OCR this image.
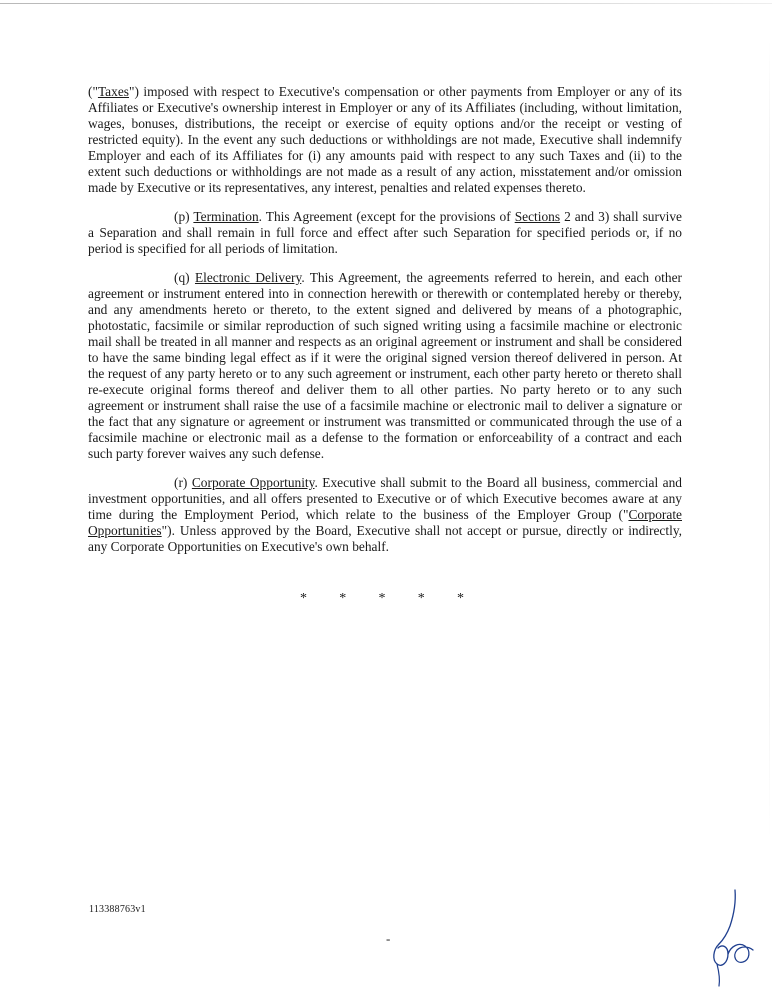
("Taxes") imposed with respect to Executive's compensation or other payments from Employer or any of its Affiliates or Executive's ownership interest in Employer or any of its Affiliates (including, without limitation, wages, bonuses, distributions, the receipt or exercise of equity options and/or the receipt or vesting of restricted equity). In the event any such deductions or withholdings are not made, Executive shall indemnify Employer and each of its Affiliates for (i) any amounts paid with respect to any such Taxes and (ii) to the extent such deductions or withholdings are not made as a result of any action, misstatement and/or omission made by Executive or its representatives, any interest, penalties and related expenses thereto.

(p) Termination. This Agreement (except for the provisions of Sections 2 and 3) shall survive a Separation and shall remain in full force and effect after such Separation for specified periods or, if no period is specified for all periods of limitation.

(q) Electronic Delivery. This Agreement, the agreements referred to herein, and each other agreement or instrument entered into in connection herewith or therewith or contemplated hereby or thereby, and any amendments hereto or thereto, to the extent signed and delivered by means of a photographic, photostatic, facsimile or similar reproduction of such signed writing using a facsimile machine or electronic mail shall be treated in all manner and respects as an original agreement or instrument and shall be considered to have the same binding legal effect as if it were the original signed version thereof delivered in person. At the request of any party hereto or to any such agreement or instrument, each other party hereto or thereto shall re-execute original forms thereof and deliver them to all other parties. No party hereto or to any such agreement or instrument shall raise the use of a facsimile machine or electronic mail to deliver a signature or the fact that any signature or agreement or instrument was transmitted or communicated through the use of a facsimile machine or electronic mail as a defense to the formation or enforceability of a contract and each such party forever waives any such defense.

(r) Corporate Opportunity. Executive shall submit to the Board all business, commercial and investment opportunities, and all offers presented to Executive or of which Executive becomes aware at any time during the Employment Period, which relate to the business of the Employer Group ("Corporate Opportunities"). Unless approved by the Board, Executive shall not accept or pursue, directly or indirectly, any Corporate Opportunities on Executive's own behalf.

* * * * *
113388763v1
-
